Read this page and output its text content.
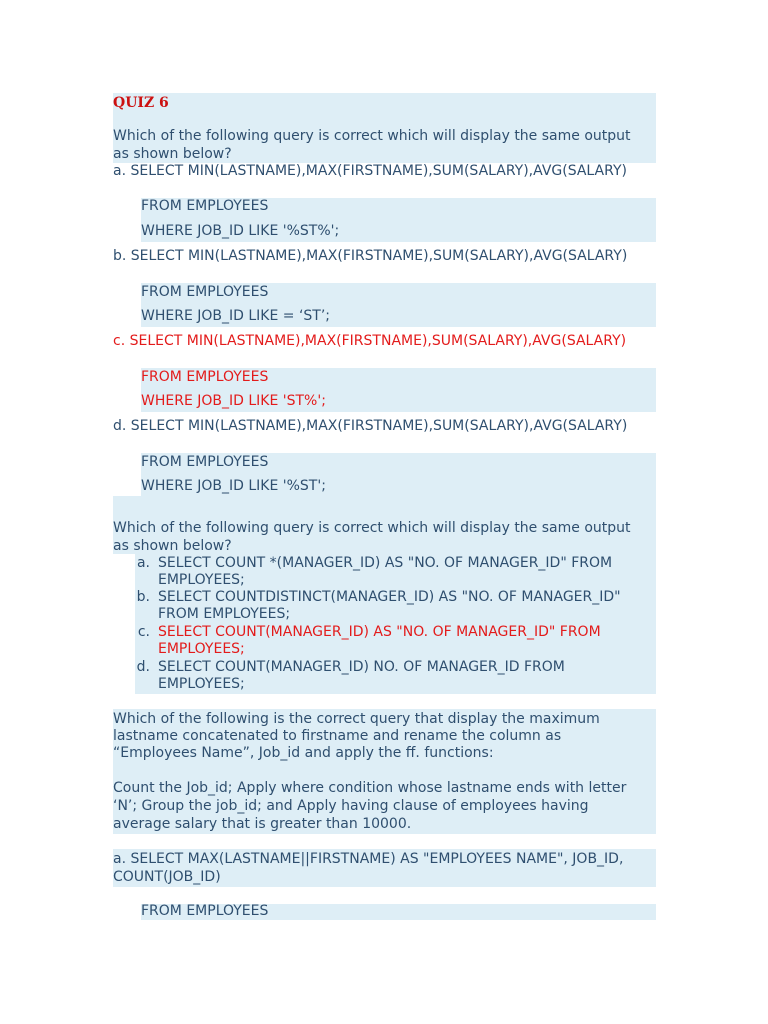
QUIZ 6
Which of the following query is correct which will display the same output
as shown below?
a. SELECT MIN(LASTNAME),MAX(FIRSTNAME),SUM(SALARY),AVG(SALARY)
FROM EMPLOYEES
WHERE JOB_ID LIKE '%ST%';
b. SELECT MIN(LASTNAME),MAX(FIRSTNAME),SUM(SALARY),AVG(SALARY)
FROM EMPLOYEES
WHERE JOB_ID LIKE = ‘ST’;
c. SELECT MIN(LASTNAME),MAX(FIRSTNAME),SUM(SALARY),AVG(SALARY)
FROM EMPLOYEES
WHERE JOB_ID LIKE 'ST%';
d. SELECT MIN(LASTNAME),MAX(FIRSTNAME),SUM(SALARY),AVG(SALARY)
FROM EMPLOYEES
WHERE JOB_ID LIKE '%ST';
Which of the following query is correct which will display the same output
as shown below?
a. SELECT COUNT *(MANAGER_ID) AS "NO. OF MANAGER_ID" FROM
EMPLOYEES;
b. SELECT COUNTDISTINCT(MANAGER_ID) AS "NO. OF MANAGER_ID"
FROM EMPLOYEES;
c. SELECT COUNT(MANAGER_ID) AS "NO. OF MANAGER_ID" FROM
EMPLOYEES;
d. SELECT COUNT(MANAGER_ID) NO. OF MANAGER_ID FROM
EMPLOYEES;
Which of the following is the correct query that display the maximum
lastname concatenated to firstname and rename the column as
“Employees Name”, Job_id and apply the ff. functions:
Count the Job_id; Apply where condition whose lastname ends with letter
‘N’; Group the job_id; and Apply having clause of employees having
average salary that is greater than 10000.
a. SELECT MAX(LASTNAME||FIRSTNAME) AS "EMPLOYEES NAME", JOB_ID,
COUNT(JOB_ID)
FROM EMPLOYEES
